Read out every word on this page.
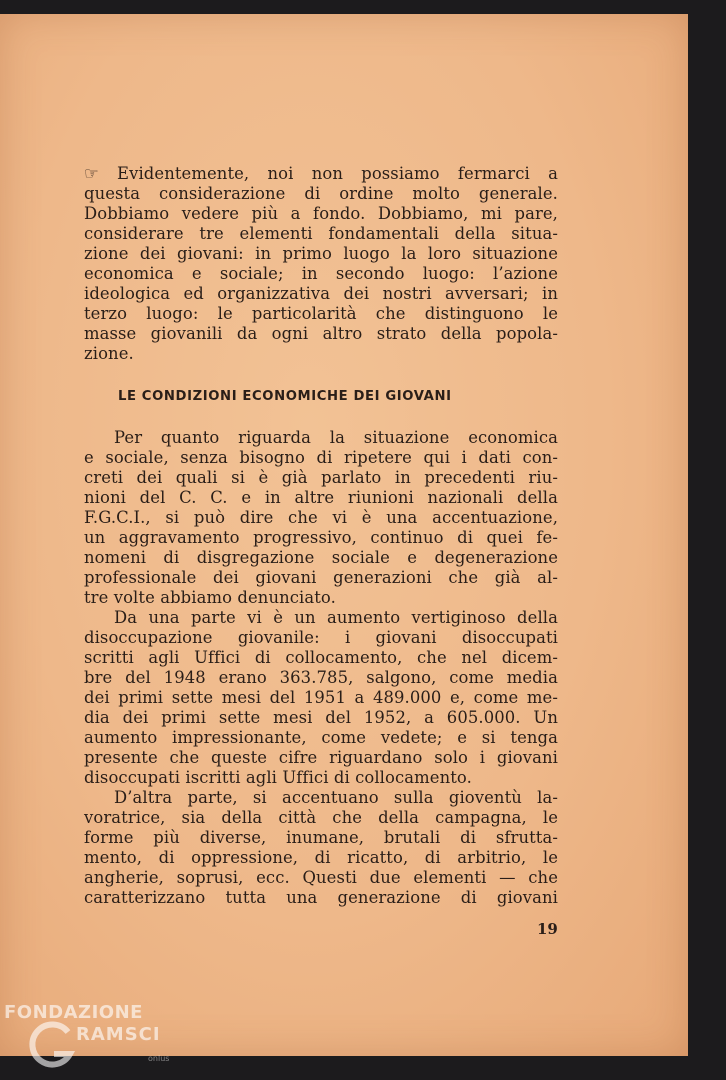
☞ Evidentemente, noi non possiamo fermarci a
questa considerazione di ordine molto generale.
Dobbiamo vedere più a fondo. Dobbiamo, mi pare,
considerare tre elementi fondamentali della situa-
zione dei giovani: in primo luogo la loro situazione
economica e sociale; in secondo luogo: l’azione
ideologica ed organizzativa dei nostri avversari; in
terzo luogo: le particolarità che distinguono le
masse giovanili da ogni altro strato della popola-
zione.
LE CONDIZIONI ECONOMICHE DEI GIOVANI
Per quanto riguarda la situazione economica
e sociale, senza bisogno di ripetere qui i dati con-
creti dei quali si è già parlato in precedenti riu-
nioni del C. C. e in altre riunioni nazionali della
F.G.C.I., si può dire che vi è una accentuazione,
un aggravamento progressivo, continuo di quei fe-
nomeni di disgregazione sociale e degenerazione
professionale dei giovani generazioni che già al-
tre volte abbiamo denunciato.
Da una parte vi è un aumento vertiginoso della
disoccupazione giovanile: i giovani disoccupati
scritti agli Uffici di collocamento, che nel dicem-
bre del 1948 erano 363.785, salgono, come media
dei primi sette mesi del 1951 a 489.000 e, come me-
dia dei primi sette mesi del 1952, a 605.000. Un
aumento impressionante, come vedete; e si tenga
presente che queste cifre riguardano solo i giovani
disoccupati iscritti agli Uffici di collocamento.
D’altra parte, si accentuano sulla gioventù la-
voratrice, sia della città che della campagna, le
forme più diverse, inumane, brutali di sfrutta-
mento, di oppressione, di ricatto, di arbitrio, le
angherie, soprusi, ecc. Questi due elementi — che
caratterizzano tutta una generazione di giovani
19
FONDAZIONE
RAMSCI
onlus
